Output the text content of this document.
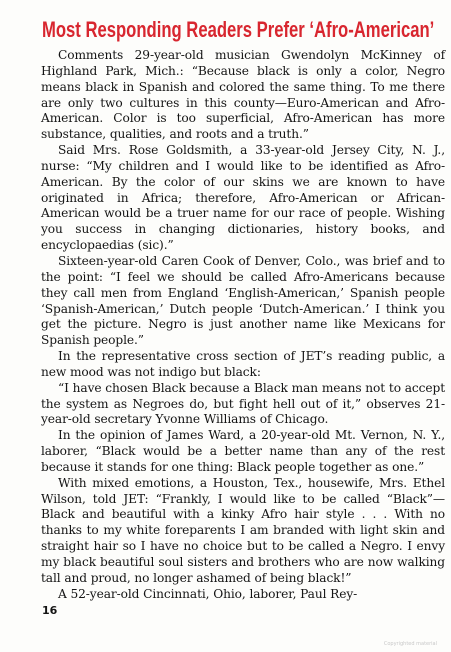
Most Responding Readers Prefer ‘Afro-American’

Comments 29-year-old musician Gwendolyn McKinney of Highland Park, Mich.: “Because black is only a color, Negro means black in Spanish and colored the same thing. To me there are only two cultures in this county—Euro-American and Afro-American. Color is too superficial, Afro-American has more substance, qualities, and roots and a truth.”

Said Mrs. Rose Goldsmith, a 33-year-old Jersey City, N. J., nurse: “My children and I would like to be identified as Afro-American. By the color of our skins we are known to have originated in Africa; therefore, Afro-American or African-American would be a truer name for our race of people. Wishing you success in changing dictionaries, history books, and encyclopaedias (sic).”

Sixteen-year-old Caren Cook of Denver, Colo., was brief and to the point: “I feel we should be called Afro-Americans because they call men from England ‘English-American,’ Spanish people ‘Spanish-American,’ Dutch people ‘Dutch-American.’ I think you get the picture. Negro is just another name like Mexicans for Spanish people.”

In the representative cross section of JET’s reading public, a new mood was not indigo but black:

“I have chosen Black because a Black man means not to accept the system as Negroes do, but fight hell out of it,” observes 21-year-old secretary Yvonne Williams of Chicago.

In the opinion of James Ward, a 20-year-old Mt. Vernon, N. Y., laborer, “Black would be a better name than any of the rest because it stands for one thing: Black people together as one.”

With mixed emotions, a Houston, Tex., housewife, Mrs. Ethel Wilson, told JET: “Frankly, I would like to be called “Black”—Black and beautiful with a kinky Afro hair style . . . With no thanks to my white foreparents I am branded with light skin and straight hair so I have no choice but to be called a Negro. I envy my black beautiful soul sisters and brothers who are now walking tall and proud, no longer ashamed of being black!”

A 52-year-old Cincinnati, Ohio, laborer, Paul Rey-

16
Copyrighted material
